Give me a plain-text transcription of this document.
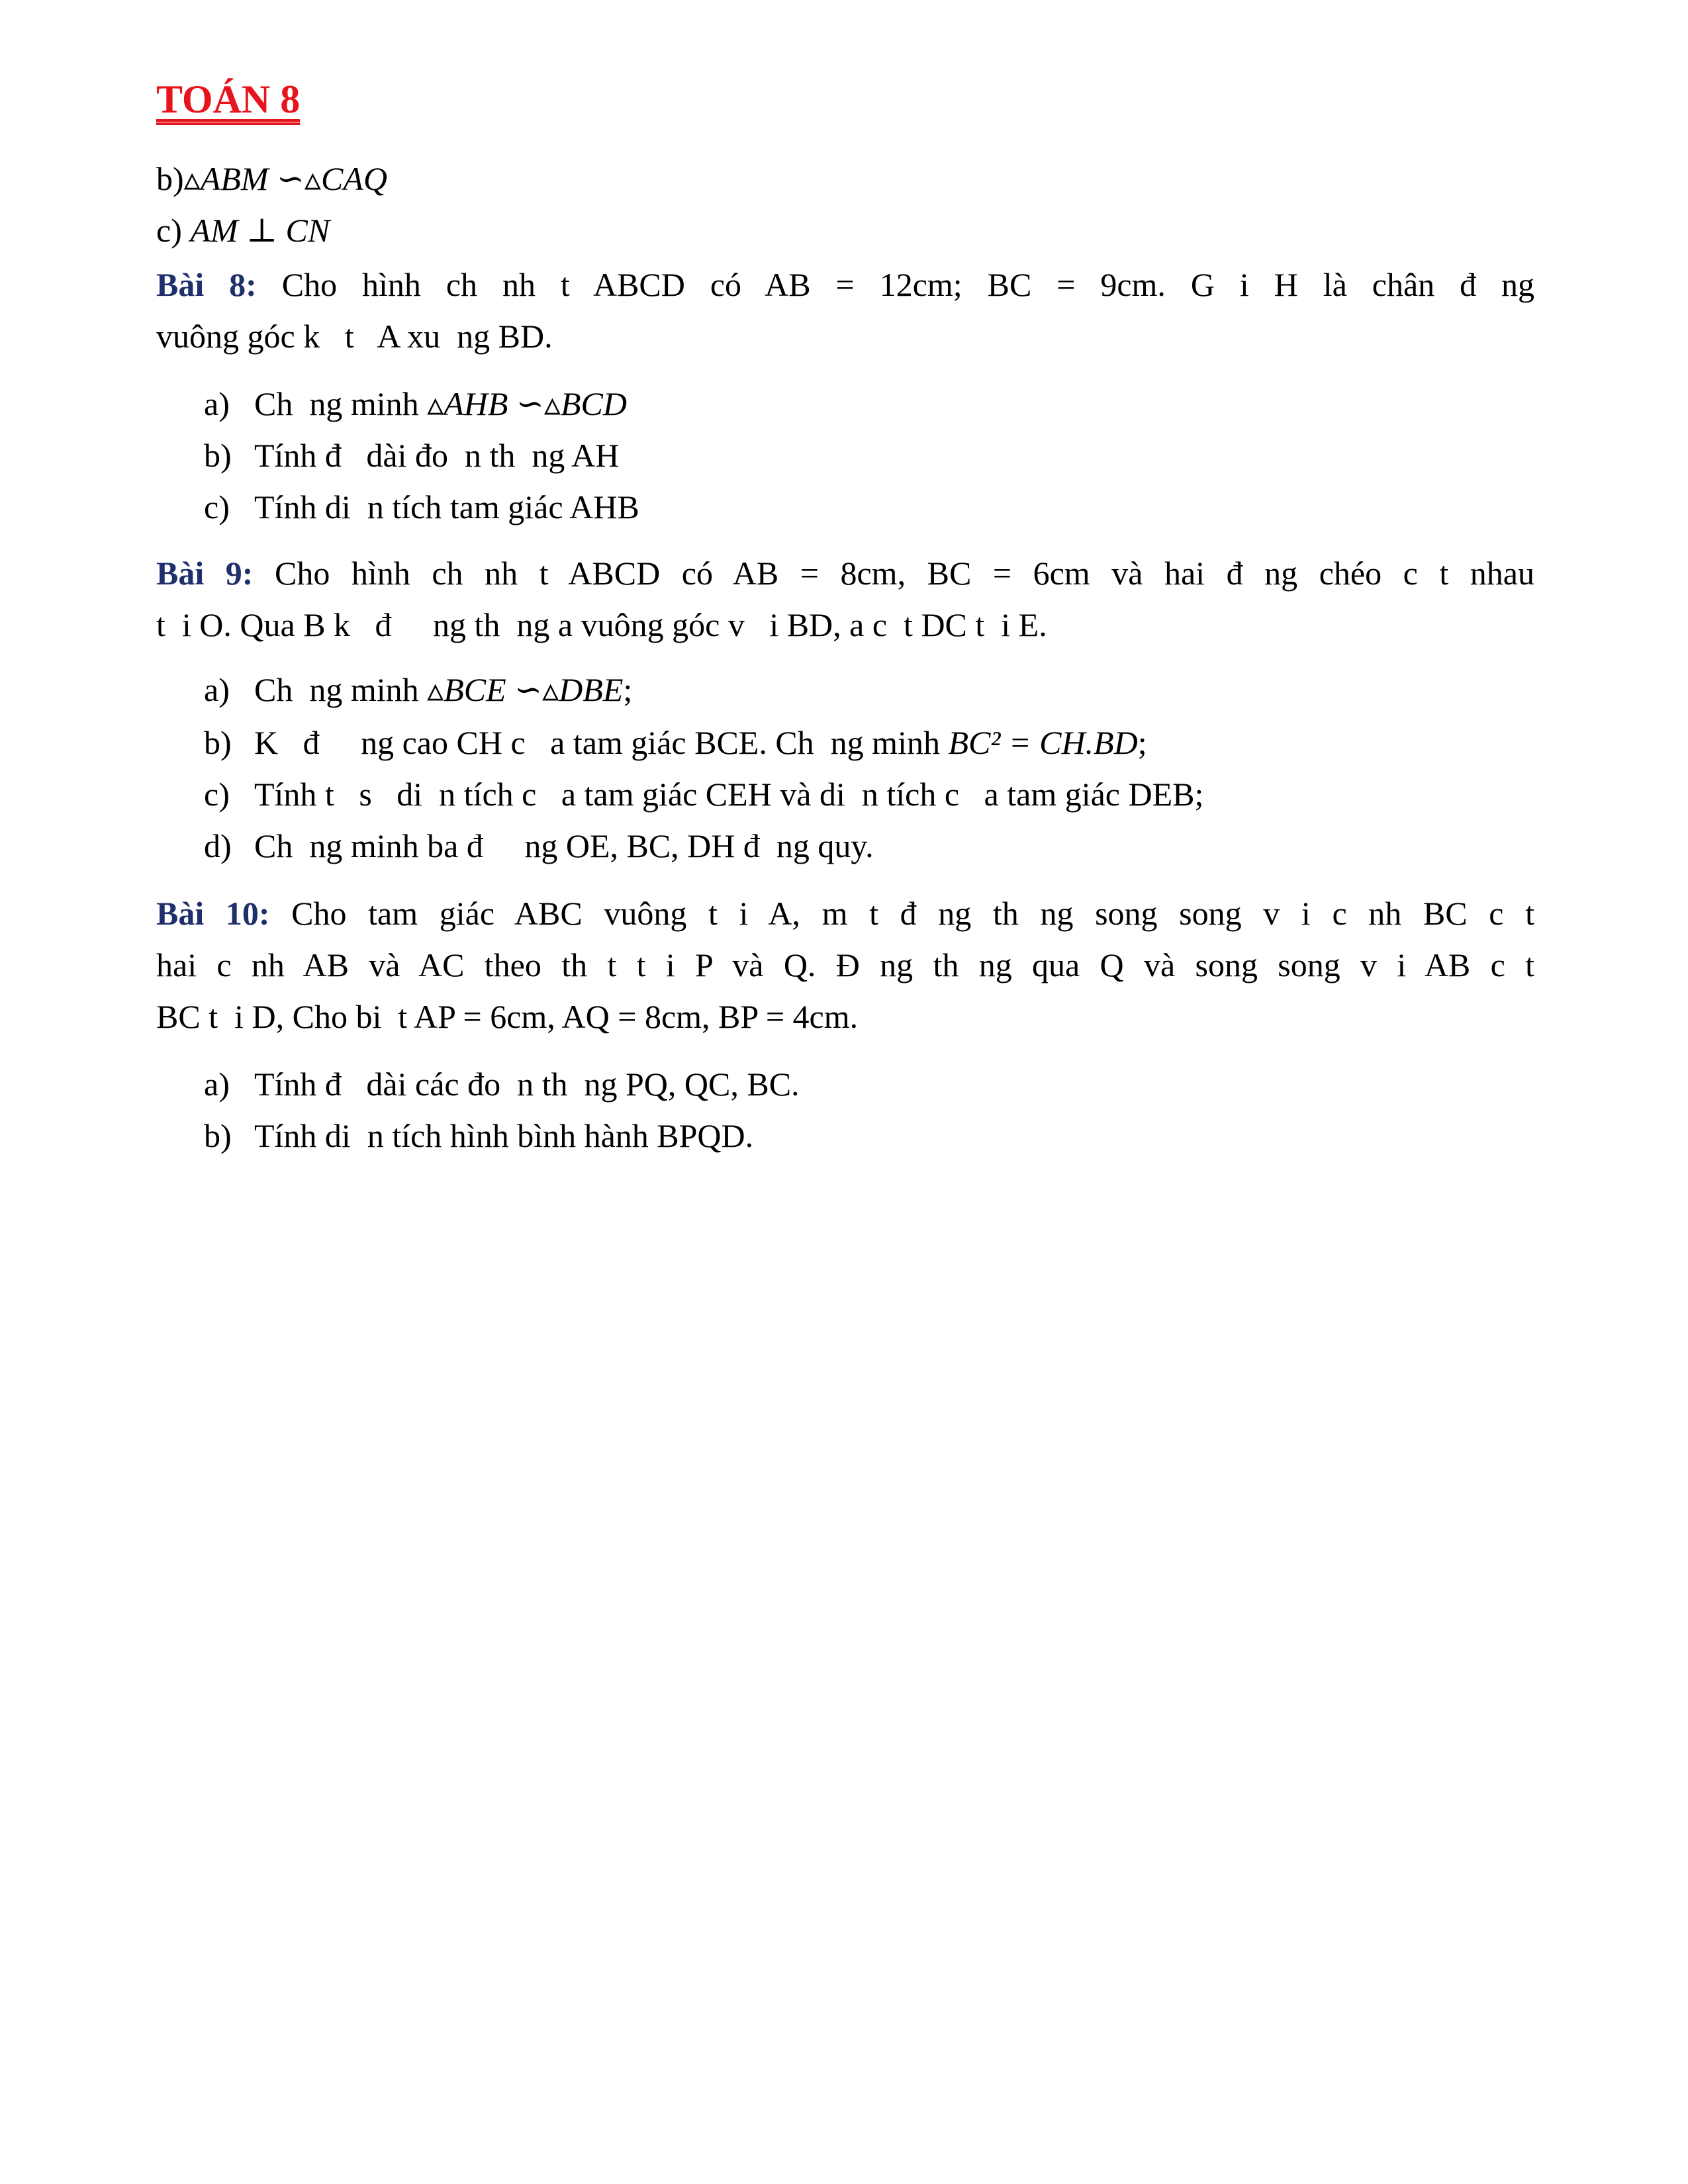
TOÁN 8
b)▵ABM ∽▵CAQ
c) AM ⊥ CN
Bài 8: Cho hình ch nh t ABCD có AB = 12cm; BC = 9cm. G i H là chân đ ng
vuông góc k   t   A xu  ng BD.
a) Ch  ng minh ▵AHB ∽▵BCD
b) Tính đ   dài đo  n th  ng AH
c) Tính di  n tích tam giác AHB
Bài 9: Cho hình ch nh t ABCD có AB = 8cm, BC = 6cm và hai đ ng chéo c t nhau
t  i O. Qua B k   đ     ng th  ng a vuông góc v   i BD, a c  t DC t  i E.
a) Ch  ng minh ▵BCE ∽▵DBE;
b) K   đ     ng cao CH c   a tam giác BCE. Ch  ng minh BC² = CH.BD;
c) Tính t   s   di  n tích c   a tam giác CEH và di  n tích c   a tam giác DEB;
d) Ch  ng minh ba đ     ng OE, BC, DH đ  ng quy.
Bài 10: Cho tam giác ABC vuông t i A, m t đ ng th ng song song v i c nh BC c t
hai c nh AB và AC theo th t t i P và Q. Đ ng th ng qua Q và song song v i AB c t
BC t  i D, Cho bi  t AP = 6cm, AQ = 8cm, BP = 4cm.
a) Tính đ   dài các đo  n th  ng PQ, QC, BC.
b) Tính di  n tích hình bình hành BPQD.
